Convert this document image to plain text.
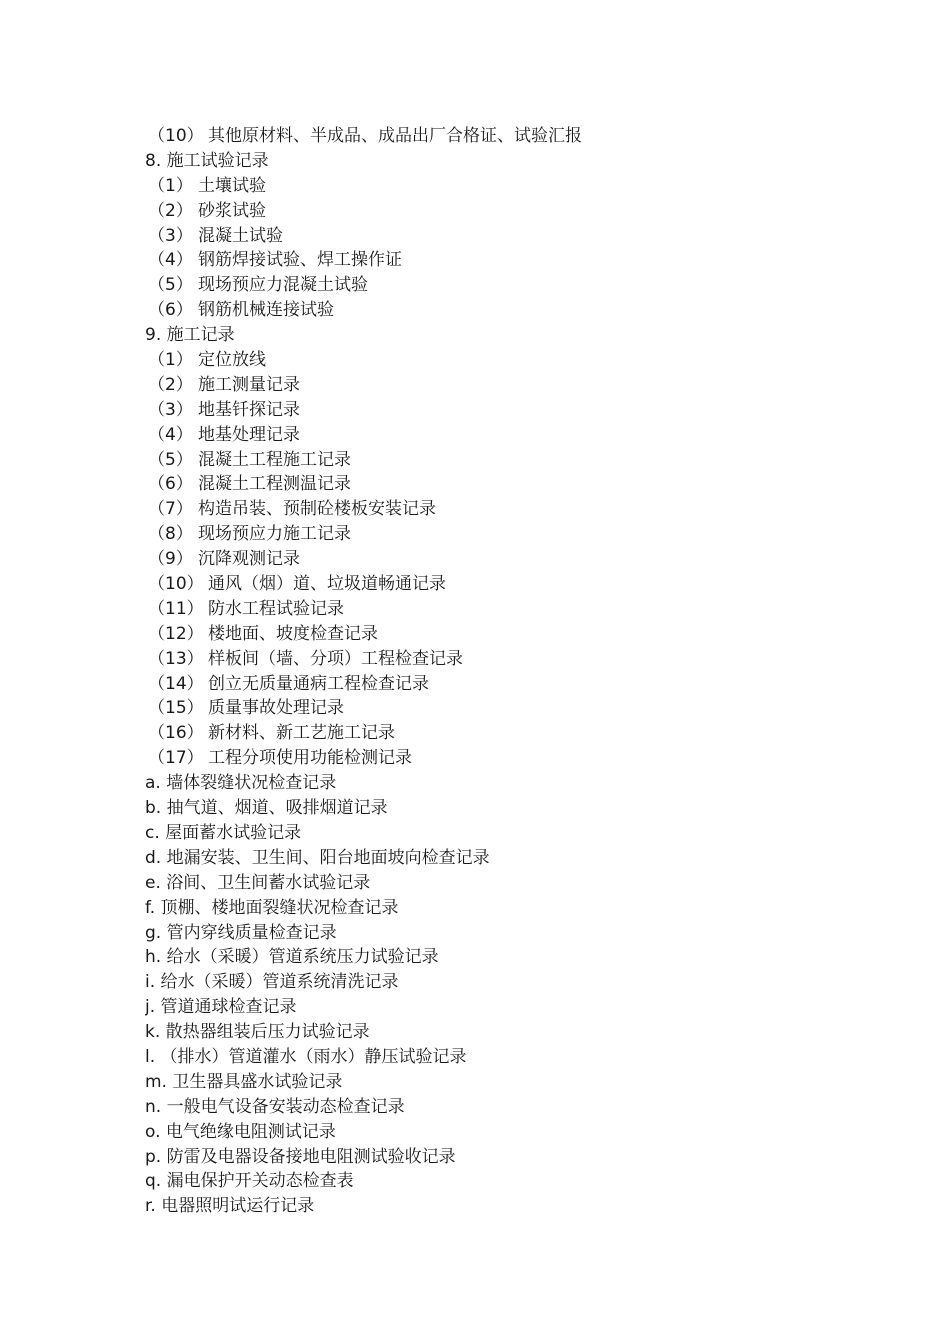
（10） 其他原材料、半成品、成品出厂合格证、试验汇报
8. 施工试验记录
（1） 土壤试验
（2） 砂浆试验
（3） 混凝土试验
（4） 钢筋焊接试验、焊工操作证
（5） 现场预应力混凝土试验
（6） 钢筋机械连接试验
9. 施工记录
（1） 定位放线
（2） 施工测量记录
（3） 地基钎探记录
（4） 地基处理记录
（5） 混凝土工程施工记录
（6） 混凝土工程测温记录
（7） 构造吊装、预制砼楼板安装记录
（8） 现场预应力施工记录
（9） 沉降观测记录
（10） 通风（烟）道、垃圾道畅通记录
（11） 防水工程试验记录
（12） 楼地面、坡度检查记录
（13） 样板间（墙、分项）工程检查记录
（14） 创立无质量通病工程检查记录
（15） 质量事故处理记录
（16） 新材料、新工艺施工记录
（17） 工程分项使用功能检测记录
a. 墙体裂缝状况检查记录
b. 抽气道、烟道、吸排烟道记录
c. 屋面蓄水试验记录
d. 地漏安装、卫生间、阳台地面坡向检查记录
e. 浴间、卫生间蓄水试验记录
f. 顶棚、楼地面裂缝状况检查记录
g. 管内穿线质量检查记录
h. 给水（采暖）管道系统压力试验记录
i. 给水（采暖）管道系统清洗记录
j. 管道通球检查记录
k. 散热器组装后压力试验记录
l. （排水）管道灌水（雨水）静压试验记录
m. 卫生器具盛水试验记录
n. 一般电气设备安装动态检查记录
o. 电气绝缘电阻测试记录
p. 防雷及电器设备接地电阻测试验收记录
q. 漏电保护开关动态检查表
r. 电器照明试运行记录
